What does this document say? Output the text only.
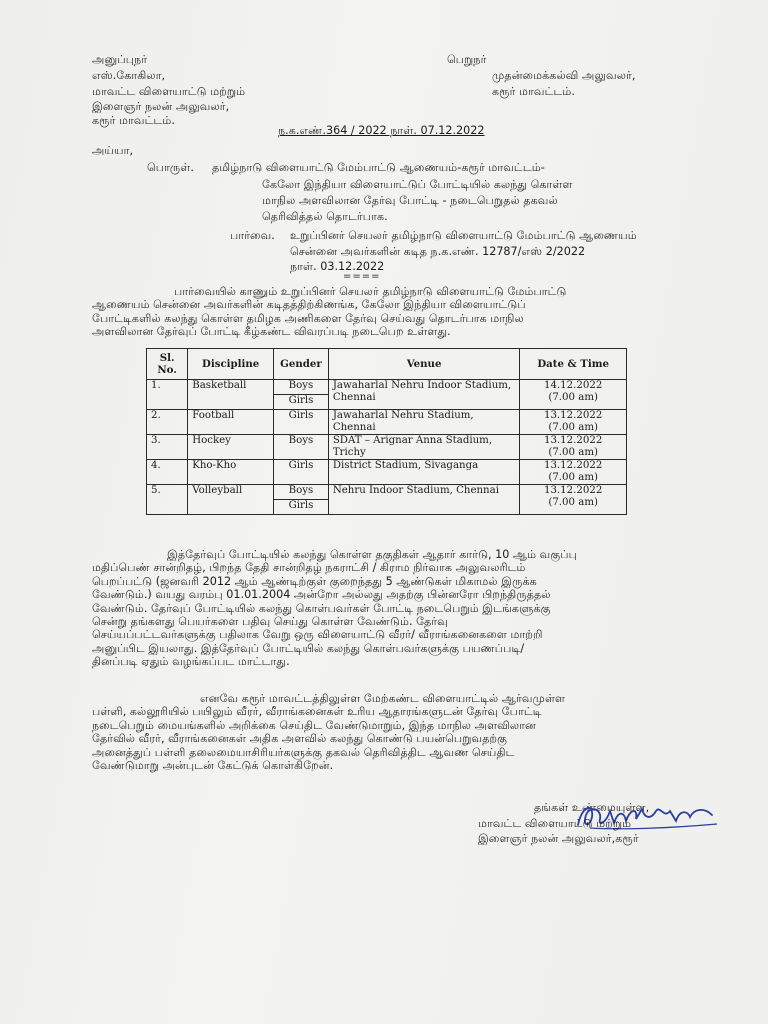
அனுப்புநர்
எஸ்.கோகிலா,
மாவட்ட விளையாட்டு மற்றும்
இளைஞர் நலன் அலுவலர்,
கரூர் மாவட்டம்.
பெறுநர்
முதன்மைக்கல்வி அலுவலர்,
கரூர் மாவட்டம்.
ந.க.எண்.364 / 2022 நாள். 07.12.2022
அய்யா,
பொருள். தமிழ்நாடு விளையாட்டு மேம்பாட்டு ஆணையம்-கரூர் மாவட்டம்-
கேலோ இந்தியா விளையாட்டுப் போட்டியில் கலந்து கொள்ள
மாநில அளவிலான தேர்வு போட்டி - நடைபெறுதல் தகவல்
தெரிவித்தல் தொடர்பாக.
பார்வை. உறுப்பினர் செயலர் தமிழ்நாடு விளையாட்டு மேம்பாட்டு ஆணையம்
சென்னை அவர்களின் கடித ந.க.எண். 12787/எஸ் 2/2022
நாள். 03.12.2022
====
பார்வையில் காணும் உறுப்பினர் செயலர் தமிழ்நாடு விளையாட்டு மேம்பாட்டு
ஆணையம் சென்னை அவர்களின் கடிதத்திற்கிணங்க, கேலோ இந்தியா விளையாட்டுப்
போட்டிகளில் கலந்து கொள்ள தமிழக அணிகளை தேர்வு செய்வது தொடர்பாக மாநில
அளவிலான தேர்வுப் போட்டி கீழ்கண்ட விவரப்படி நடைபெற உள்ளது.
Sl. No.	Discipline	Gender	Venue	Date & Time
1.	Basketball	Boys	Jawaharlal Nehru Indoor Stadium, Chennai	14.12.2022
(7.00 am)

		Girls		
2.	Football	Girls	Jawaharlal Nehru Stadium, Chennai	13.12.2022
(7.00 am)

3.	Hockey	Boys	SDAT – Arignar Anna Stadium, Trichy	13.12.2022
(7.00 am)

4.	Kho-Kho	Girls	District Stadium, Sivaganga	13.12.2022
(7.00 am)

5.	Volleyball	Boys	Nehru Indoor Stadium, Chennai	13.12.2022
(7.00 am)

		Girls		
இத்தேர்வுப் போட்டியில் கலந்து கொள்ள தகுதிகள் ஆதார் கார்டு, 10 ஆம் வகுப்பு
மதிப்பெண் சான்றிதழ், பிறந்த தேதி சான்றிதழ் நகராட்சி / கிராம நிர்வாக அலுவலரிடம்
பெறப்பட்டு (ஜனவரி 2012 ஆம் ஆண்டிற்குள் குறைந்தது 5 ஆண்டுகள் மிகாமல் இருக்க
வேண்டும்.) வயது வரம்பு 01.01.2004 அன்றோ அல்லது அதற்கு பின்னரோ பிறந்திருத்தல்
வேண்டும். தேர்வுப் போட்டியில் கலந்து கொள்பவர்கள் போட்டி நடைபெறும் இடங்களுக்கு
சென்று தங்களது பெயர்களை பதிவு செய்து கொள்ள வேண்டும். தேர்வு
செய்யப்பட்டவர்களுக்கு பதிலாக வேறு ஒரு விளையாட்டு வீரர்/ வீராங்கனைகளை மாற்றி
அனுப்பிட இயலாது. இத்தேர்வுப் போட்டியில் கலந்து கொள்பவர்களுக்கு பயணப்படி/
தினப்படி ஏதும் வழங்கப்பட மாட்டாது.
எனவே கரூர் மாவட்டத்திலுள்ள மேற்கண்ட விளையாட்டில் ஆர்வமுள்ள
பள்ளி, கல்லூரியில் பயிலும் வீரர், வீராங்கனைகள் உரிய ஆதாரங்களுடன் தேர்வு போட்டி
நடைபெறும் மையங்களில் அறிக்கை செய்திட வேண்டுமாறும், இந்த மாநில அளவிலான
தேர்வில் வீரர், வீராங்கனைகள் அதிக அளவில் கலந்து கொண்டு பயன்பெறுவதற்கு
அனைத்துப் பள்ளி தலைமையாசிரியர்களுக்கு தகவல் தெரிவித்திட ஆவண செய்திட
வேண்டுமாறு அன்புடன் கேட்டுக் கொள்கிறேன்.
தங்கள் உண்மையுள்ள,
மாவட்ட விளையாட்டு மற்றும்
இளைஞர் நலன் அலுவலர்,கரூர்
